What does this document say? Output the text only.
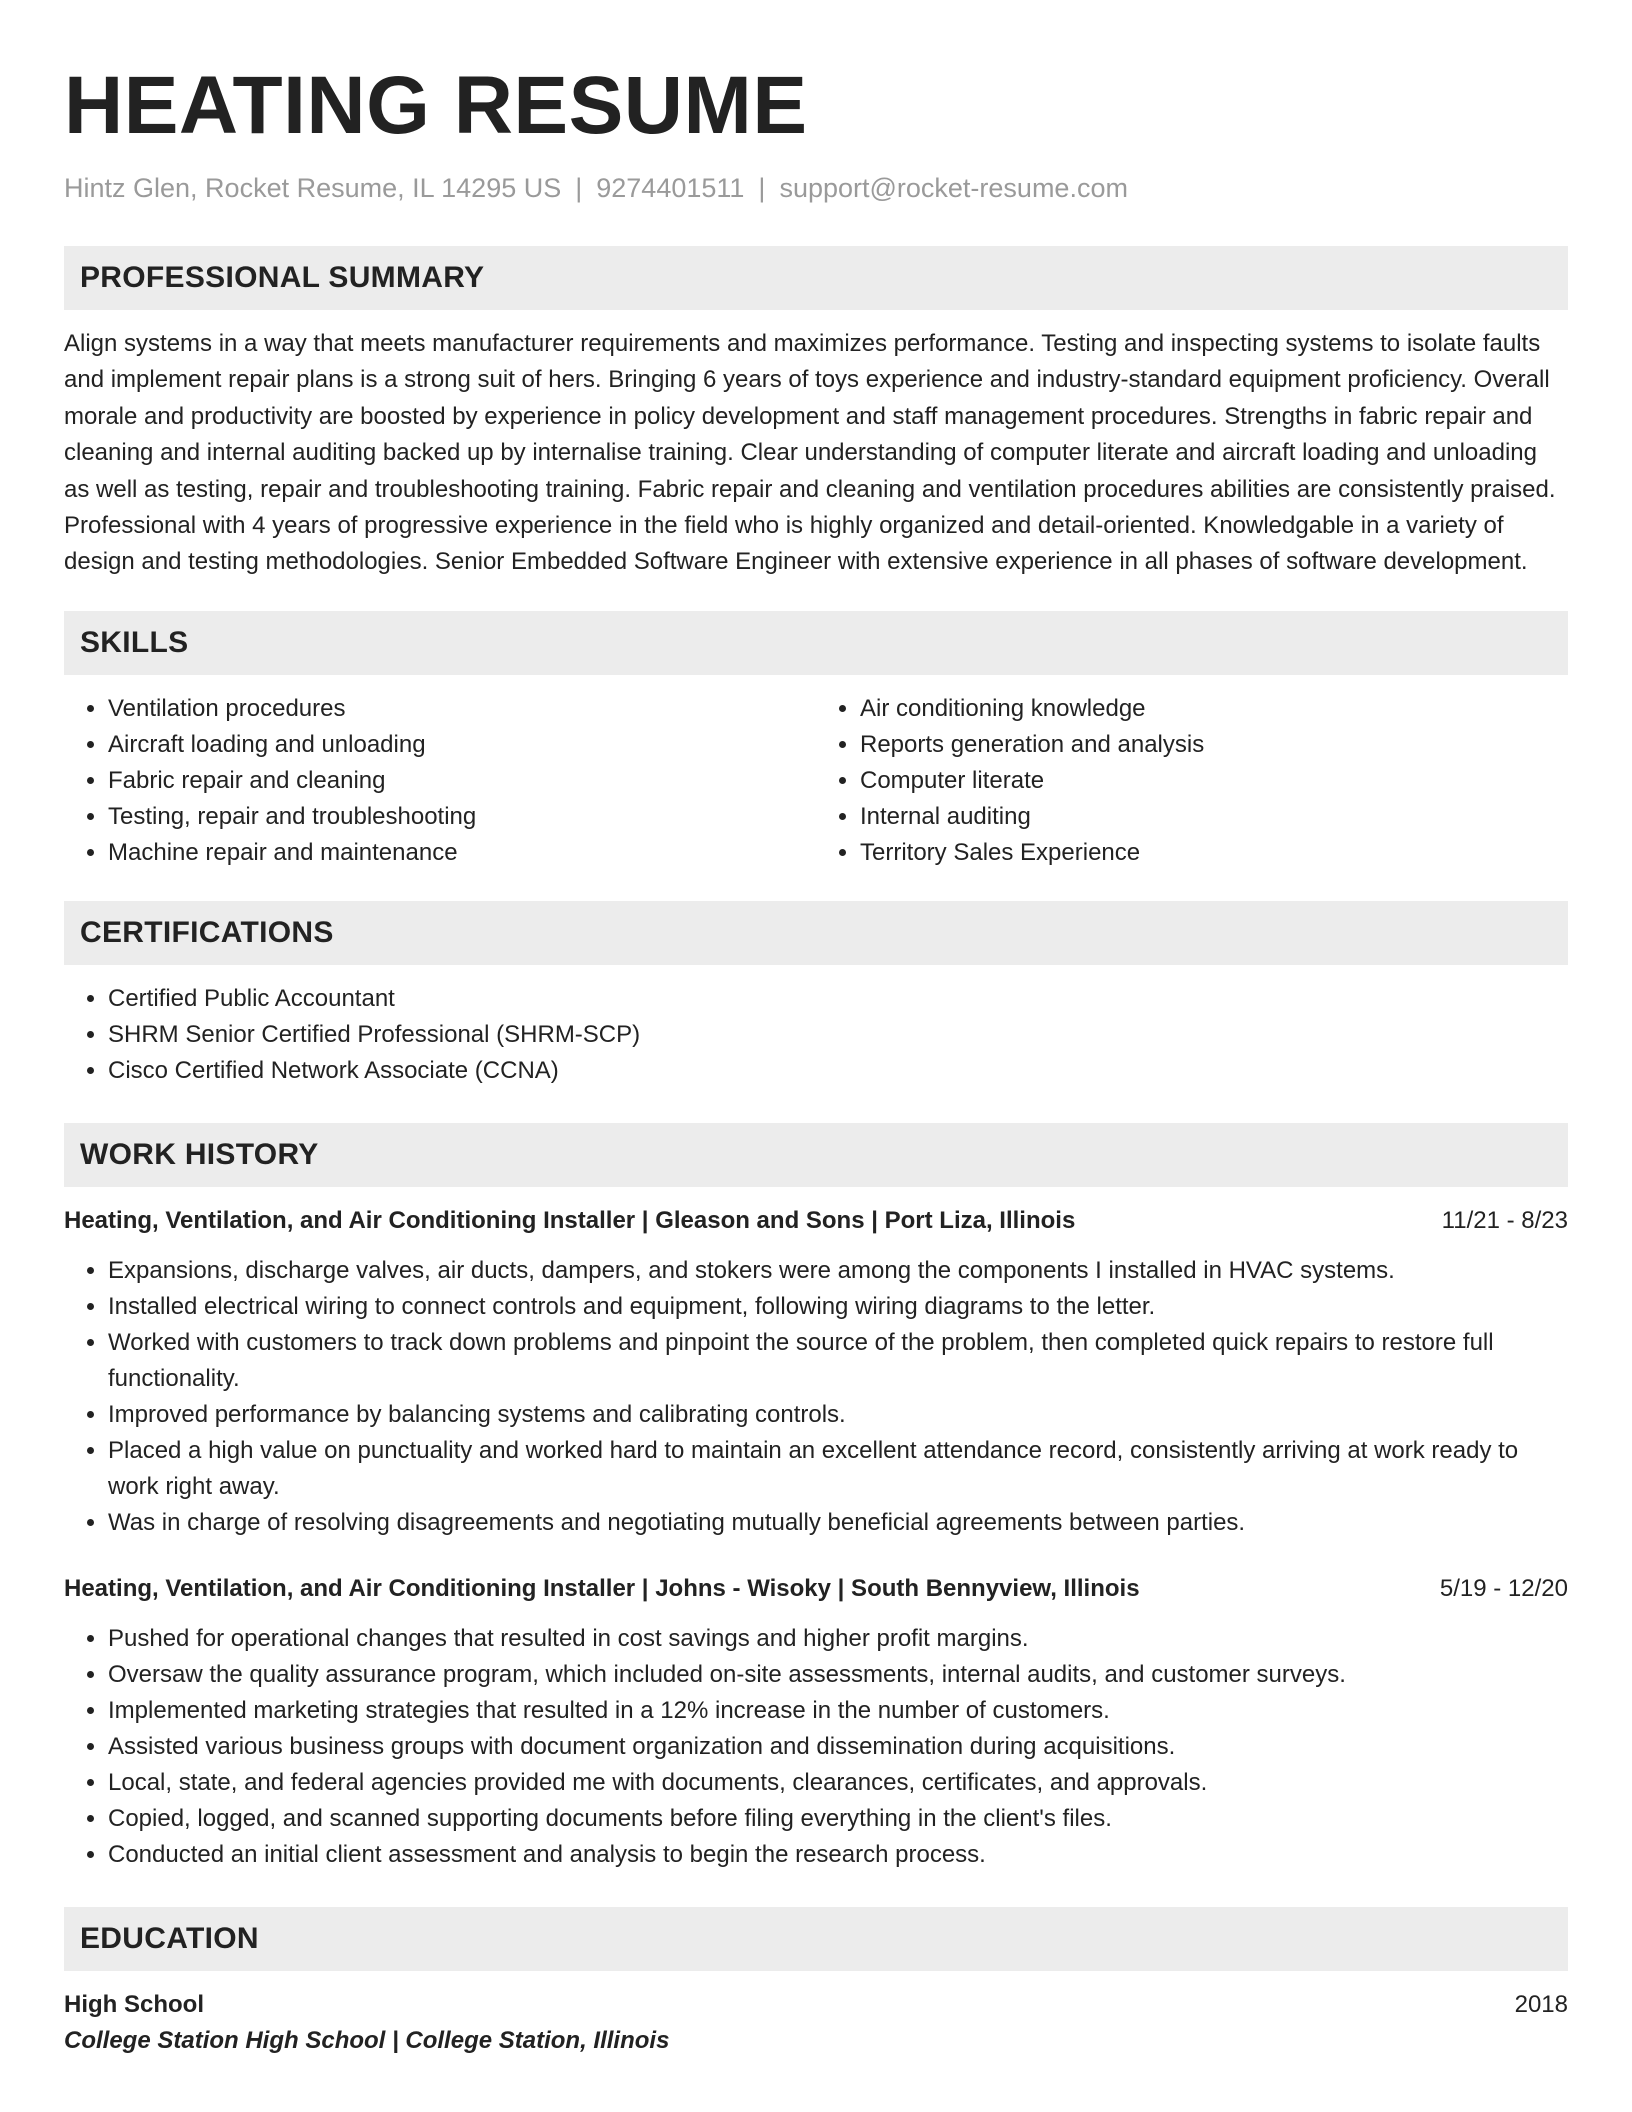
HEATING RESUME
Hintz Glen, Rocket Resume, IL 14295 US | 9274401511 | support@rocket-resume.com
PROFESSIONAL SUMMARY
Align systems in a way that meets manufacturer requirements and maximizes performance. Testing and inspecting systems to isolate faults and implement repair plans is a strong suit of hers. Bringing 6 years of toys experience and industry-standard equipment proficiency. Overall morale and productivity are boosted by experience in policy development and staff management procedures. Strengths in fabric repair and cleaning and internal auditing backed up by internalise training. Clear understanding of computer literate and aircraft loading and unloading as well as testing, repair and troubleshooting training. Fabric repair and cleaning and ventilation procedures abilities are consistently praised. Professional with 4 years of progressive experience in the field who is highly organized and detail-oriented. Knowledgable in a variety of design and testing methodologies. Senior Embedded Software Engineer with extensive experience in all phases of software development.
SKILLS
• Ventilation procedures
• Aircraft loading and unloading
• Fabric repair and cleaning
• Testing, repair and troubleshooting
• Machine repair and maintenance
• Air conditioning knowledge
• Reports generation and analysis
• Computer literate
• Internal auditing
• Territory Sales Experience
CERTIFICATIONS
• Certified Public Accountant
• SHRM Senior Certified Professional (SHRM-SCP)
• Cisco Certified Network Associate (CCNA)
WORK HISTORY
Heating, Ventilation, and Air Conditioning Installer | Gleason and Sons | Port Liza, Illinois	11/21 - 8/23
• Expansions, discharge valves, air ducts, dampers, and stokers were among the components I installed in HVAC systems.
• Installed electrical wiring to connect controls and equipment, following wiring diagrams to the letter.
• Worked with customers to track down problems and pinpoint the source of the problem, then completed quick repairs to restore full functionality.
• Improved performance by balancing systems and calibrating controls.
• Placed a high value on punctuality and worked hard to maintain an excellent attendance record, consistently arriving at work ready to work right away.
• Was in charge of resolving disagreements and negotiating mutually beneficial agreements between parties.
Heating, Ventilation, and Air Conditioning Installer | Johns - Wisoky | South Bennyview, Illinois	5/19 - 12/20
• Pushed for operational changes that resulted in cost savings and higher profit margins.
• Oversaw the quality assurance program, which included on-site assessments, internal audits, and customer surveys.
• Implemented marketing strategies that resulted in a 12% increase in the number of customers.
• Assisted various business groups with document organization and dissemination during acquisitions.
• Local, state, and federal agencies provided me with documents, clearances, certificates, and approvals.
• Copied, logged, and scanned supporting documents before filing everything in the client's files.
• Conducted an initial client assessment and analysis to begin the research process.
EDUCATION
High School	2018
College Station High School | College Station, Illinois
